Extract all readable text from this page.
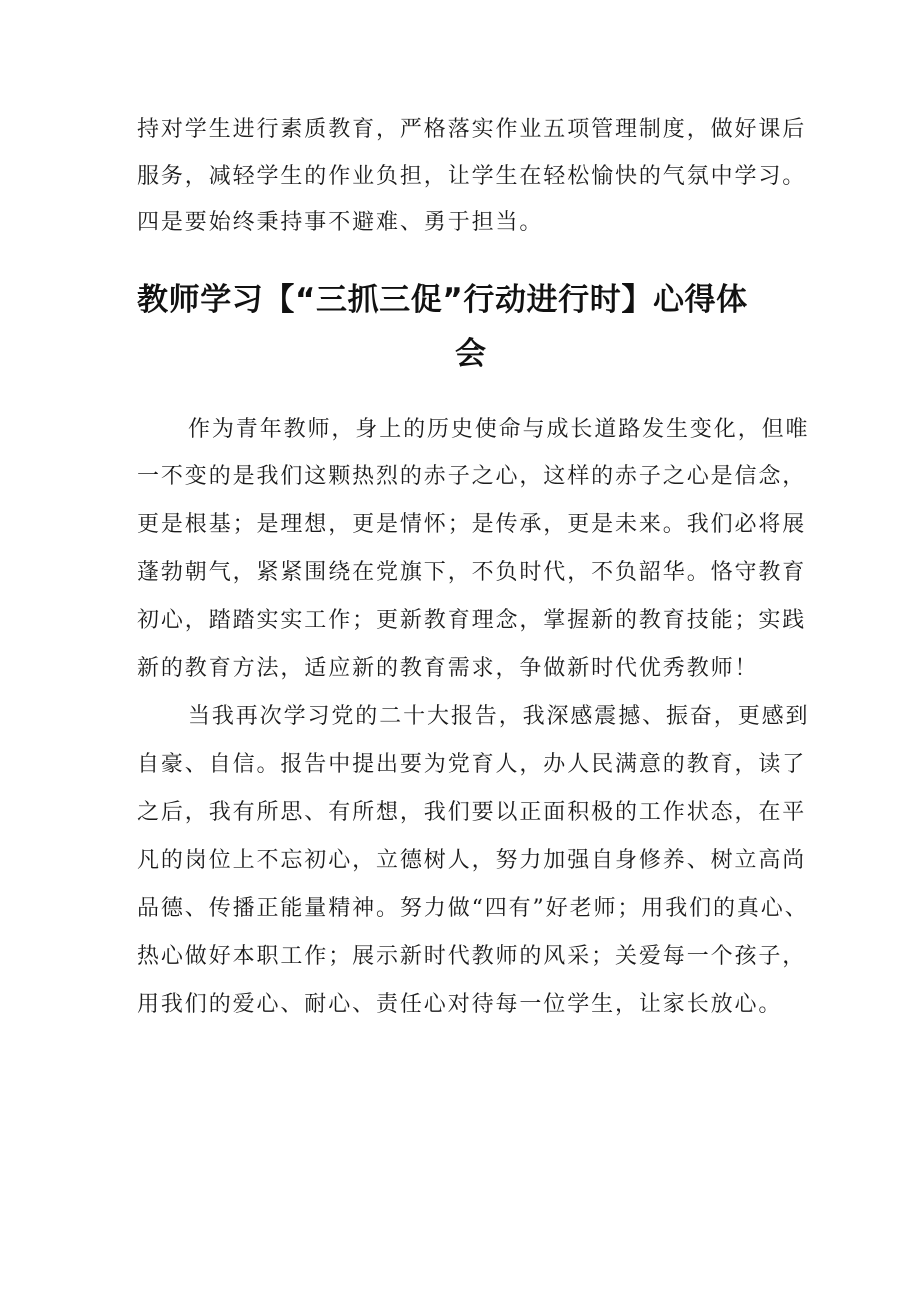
持对学生进行素质教育，严格落实作业五项管理制度，做好课后

服务，减轻学生的作业负担，让学生在轻松愉快的气氛中学习。

四是要始终秉持事不避难、勇于担当。

教师学习【“三抓三促”行动进行时】心得体
会

作为青年教师，身上的历史使命与成长道路发生变化，但唯

一不变的是我们这颗热烈的赤子之心，这样的赤子之心是信念，

更是根基；是理想，更是情怀；是传承，更是未来。我们必将展

蓬勃朝气，紧紧围绕在党旗下，不负时代，不负韶华。恪守教育

初心，踏踏实实工作；更新教育理念，掌握新的教育技能；实践

新的教育方法，适应新的教育需求，争做新时代优秀教师！

当我再次学习党的二十大报告，我深感震撼、振奋，更感到

自豪、自信。报告中提出要为党育人，办人民满意的教育，读了

之后，我有所思、有所想，我们要以正面积极的工作状态，在平

凡的岗位上不忘初心，立德树人，努力加强自身修养、树立高尚

品德、传播正能量精神。努力做“四有”好老师；用我们的真心、

热心做好本职工作；展示新时代教师的风采；关爱每一个孩子，

用我们的爱心、耐心、责任心对待每一位学生，让家长放心。
